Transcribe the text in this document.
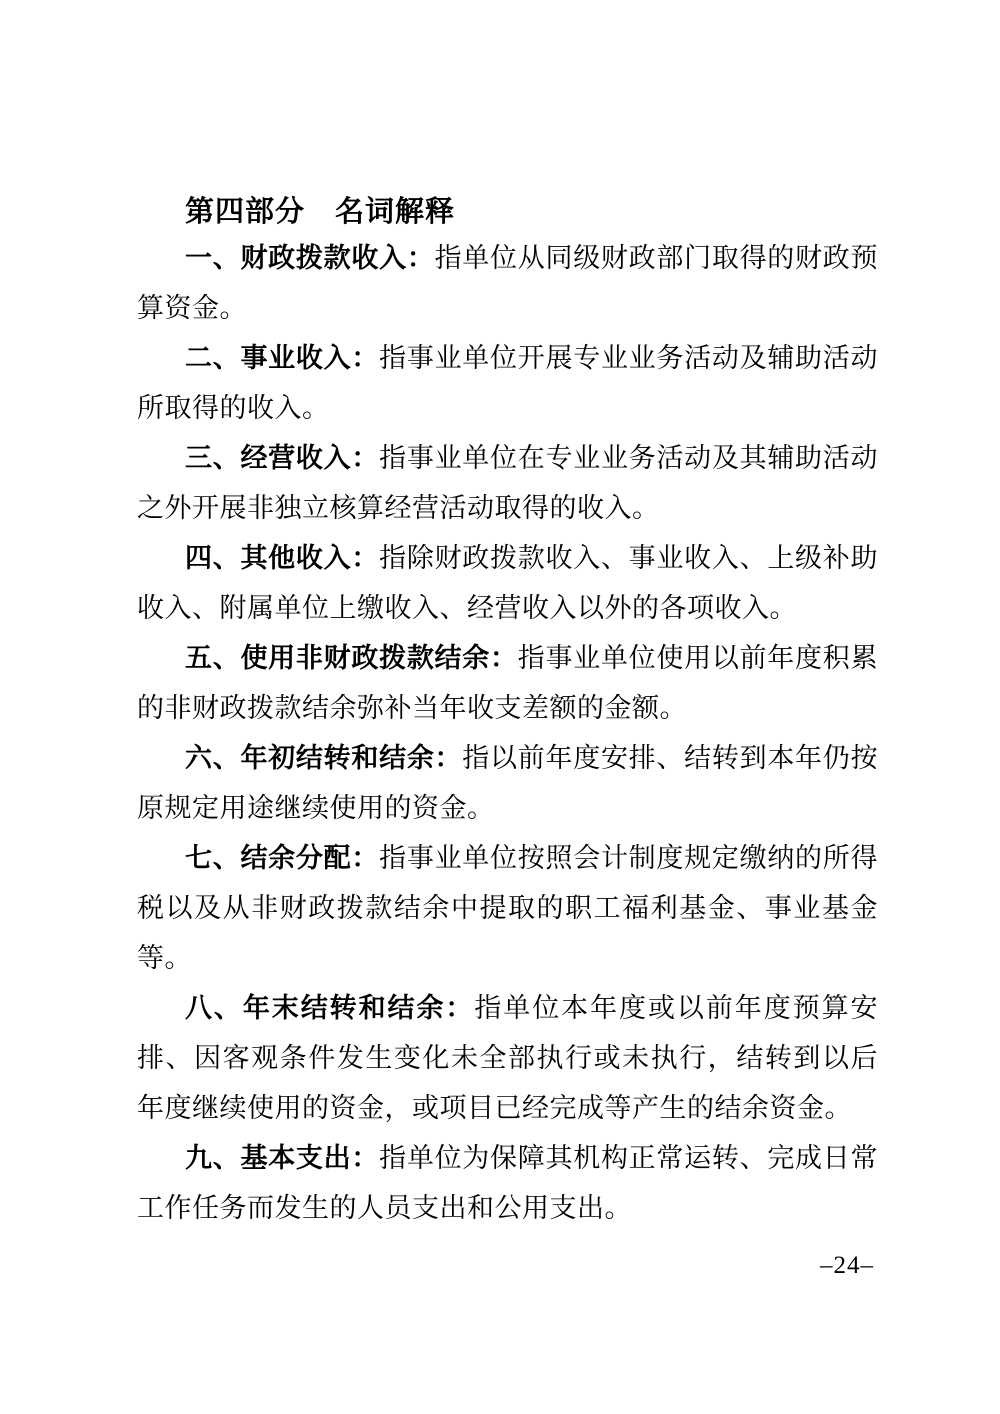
第四部分　名词解释

一、财政拨款收入：指单位从同级财政部门取得的财政预算资金。

二、事业收入：指事业单位开展专业业务活动及辅助活动所取得的收入。

三、经营收入：指事业单位在专业业务活动及其辅助活动之外开展非独立核算经营活动取得的收入。

四、其他收入：指除财政拨款收入、事业收入、上级补助收入、附属单位上缴收入、经营收入以外的各项收入。

五、使用非财政拨款结余：指事业单位使用以前年度积累的非财政拨款结余弥补当年收支差额的金额。

六、年初结转和结余：指以前年度安排、结转到本年仍按原规定用途继续使用的资金。

七、结余分配：指事业单位按照会计制度规定缴纳的所得税以及从非财政拨款结余中提取的职工福利基金、事业基金等。

八、年末结转和结余：指单位本年度或以前年度预算安排、因客观条件发生变化未全部执行或未执行，结转到以后年度继续使用的资金，或项目已经完成等产生的结余资金。

九、基本支出：指单位为保障其机构正常运转、完成日常工作任务而发生的人员支出和公用支出。

–24–
